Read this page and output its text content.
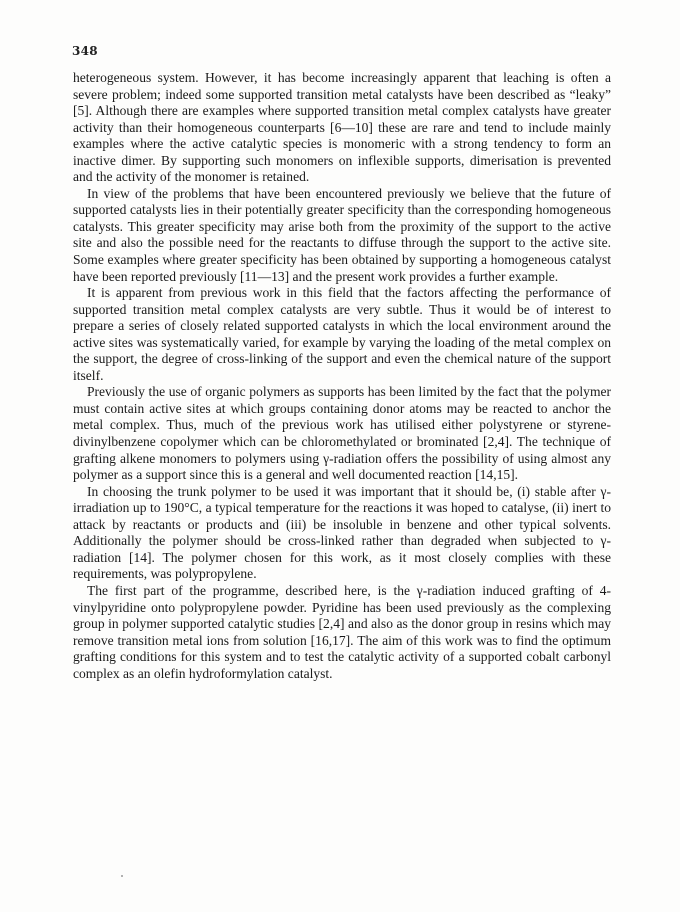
348

heterogeneous system. However, it has become increasingly apparent that leaching is often a severe problem; indeed some supported transition metal catalysts have been described as “leaky” [5]. Although there are examples where supported transition metal complex catalysts have greater activity than their homogeneous counterparts [6—10] these are rare and tend to include mainly examples where the active catalytic species is monomeric with a strong tendency to form an inactive dimer. By supporting such monomers on inflexible supports, dimerisation is prevented and the activity of the monomer is retained.

In view of the problems that have been encountered previously we believe that the future of supported catalysts lies in their potentially greater specificity than the corresponding homogeneous catalysts. This greater specificity may arise both from the proximity of the support to the active site and also the possible need for the reactants to diffuse through the support to the active site. Some examples where greater specificity has been obtained by supporting a homogeneous catalyst have been reported previously [11—13] and the present work provides a further example.

It is apparent from previous work in this field that the factors affecting the performance of supported transition metal complex catalysts are very subtle. Thus it would be of interest to prepare a series of closely related supported catalysts in which the local environment around the active sites was systematically varied, for example by varying the loading of the metal complex on the support, the degree of cross-linking of the support and even the chemical nature of the support itself.

Previously the use of organic polymers as supports has been limited by the fact that the polymer must contain active sites at which groups containing donor atoms may be reacted to anchor the metal complex. Thus, much of the previous work has utilised either polystyrene or styrene-divinylbenzene copolymer which can be chloromethylated or brominated [2,4]. The technique of grafting alkene monomers to polymers using γ-radiation offers the possibility of using almost any polymer as a support since this is a general and well documented reaction [14,15].

In choosing the trunk polymer to be used it was important that it should be, (i) stable after γ-irradiation up to 190°C, a typical temperature for the reactions it was hoped to catalyse, (ii) inert to attack by reactants or products and (iii) be insoluble in benzene and other typical solvents. Additionally the polymer should be cross-linked rather than degraded when subjected to γ-radiation [14]. The polymer chosen for this work, as it most closely complies with these requirements, was polypropylene.

The first part of the programme, described here, is the γ-radiation induced grafting of 4-vinylpyridine onto polypropylene powder. Pyridine has been used previously as the complexing group in polymer supported catalytic studies [2,4] and also as the donor group in resins which may remove transition metal ions from solution [16,17]. The aim of this work was to find the optimum grafting conditions for this system and to test the catalytic activity of a supported cobalt carbonyl complex as an olefin hydroformylation catalyst.
